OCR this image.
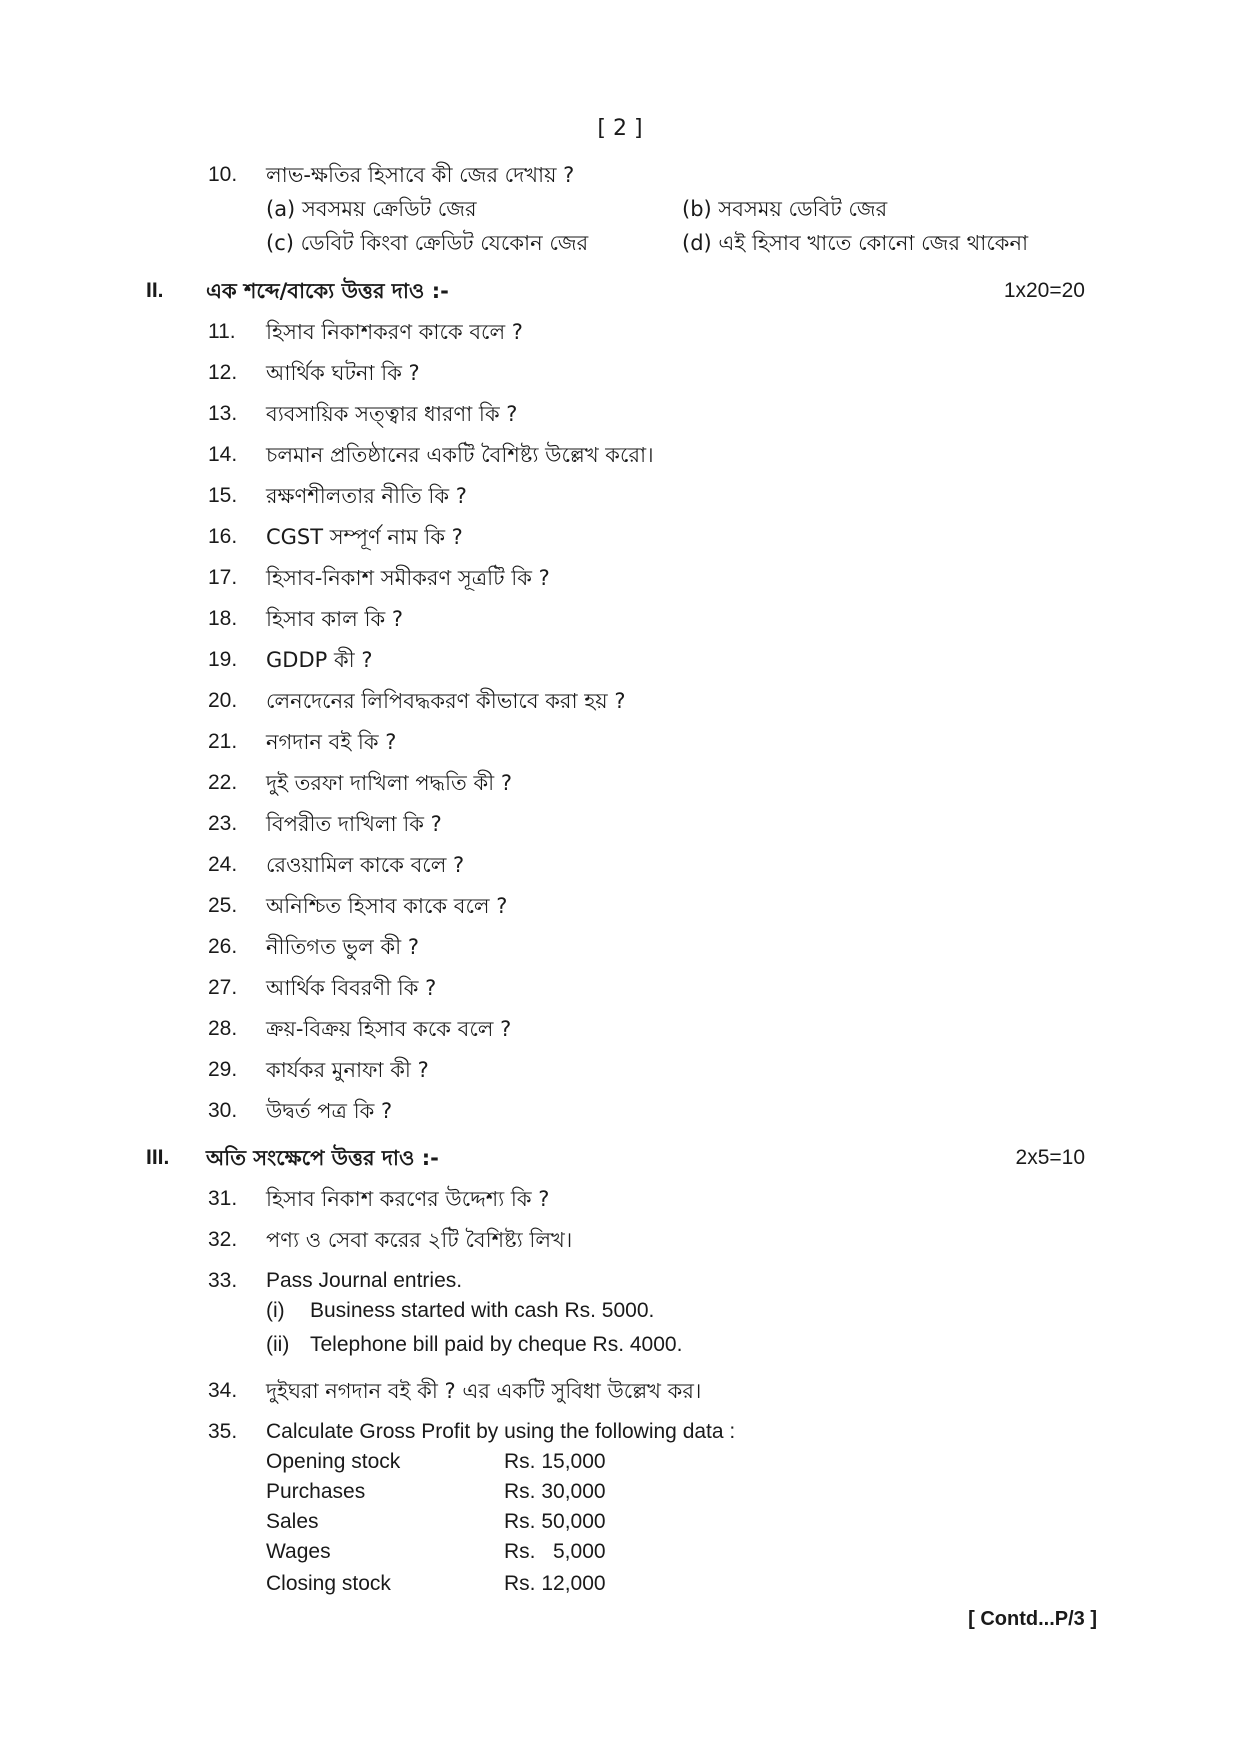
[ 2 ]
10.	লাভ-ক্ষতির হিসাবে কী জের দেখায় ?
(a) সবসময় ক্রেডিট জের	(b) সবসময় ডেবিট জের
(c) ডেবিট কিংবা ক্রেডিট যেকোন জের	(d) এই হিসাব খাতে কোনো জের থাকেনা
II. এক শব্দে/বাক্যে উত্তর দাও :-	1x20=20
11.	হিসাব নিকাশকরণ কাকে বলে ?
12.	আর্থিক ঘটনা কি ?
13.	ব্যবসায়িক সত্ত্বার ধারণা কি ?
14.	চলমান প্রতিষ্ঠানের একটি বৈশিষ্ট্য উল্লেখ করো।
15.	রক্ষণশীলতার নীতি কি ?
16.	CGST সম্পূর্ণ নাম কি ?
17.	হিসাব-নিকাশ সমীকরণ সূত্রটি কি ?
18.	হিসাব কাল কি ?
19.	GDDP কী ?
20.	লেনদেনের লিপিবদ্ধকরণ কীভাবে করা হয় ?
21.	নগদান বই কি ?
22.	দুই তরফা দাখিলা পদ্ধতি কী ?
23.	বিপরীত দাখিলা কি ?
24.	রেওয়ামিল কাকে বলে ?
25.	অনিশ্চিত হিসাব কাকে বলে ?
26.	নীতিগত ভুল কী ?
27.	আর্থিক বিবরণী কি ?
28.	ক্রয়-বিক্রয় হিসাব ককে বলে ?
29.	কার্যকর মুনাফা কী ?
30.	উদ্বর্ত পত্র কি ?
III. অতি সংক্ষেপে উত্তর দাও :-	2x5=10
31.	হিসাব নিকাশ করণের উদ্দেশ্য কি ?
32.	পণ্য ও সেবা করের ২টি বৈশিষ্ট্য লিখ।
33.	Pass Journal entries.
(i) Business started with cash Rs. 5000.
(ii) Telephone bill paid by cheque Rs. 4000.
34.	দুইঘরা নগদান বই কী ? এর একটি সুবিধা উল্লেখ কর।
35.	Calculate Gross Profit by using the following data :
Opening stock	Rs. 15,000
Purchases	Rs. 30,000
Sales	Rs. 50,000
Wages	Rs.   5,000
Closing stock	Rs. 12,000
[ Contd...P/3 ]
